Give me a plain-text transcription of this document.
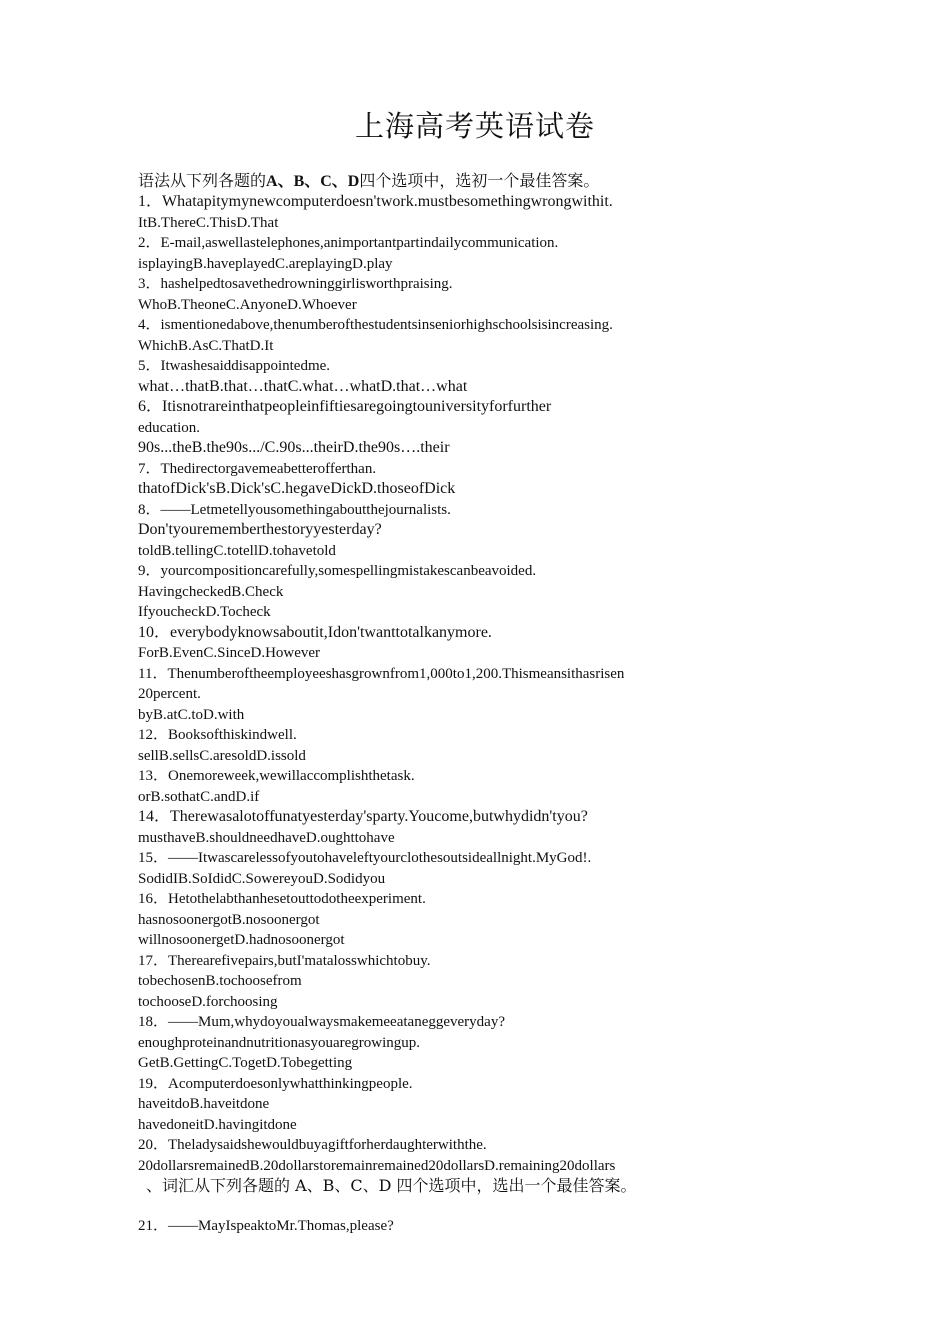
上海高考英语试卷
语法从下列各题的A、B、C、D四个选项中，选初一个最佳答案。
1．Whatapitymynewcomputerdoesn'twork.mustbesomethingwrongwithit.
ItB.ThereC.ThisD.That
2．E-mail,aswellastelephones,animportantpartindailycommunication.
isplayingB.haveplayedC.areplayingD.play
3．hashelpedtosavethedrowninggirlisworthpraising.
WhoB.TheoneC.AnyoneD.Whoever
4．ismentionedabove,thenumberofthestudentsinseniorhighschoolsisincreasing.
WhichB.AsC.ThatD.It
5．Itwashesaiddisappointedme.
what…thatB.that…thatC.what…whatD.that…what
6．Itisnotrareinthatpeopleinfiftiesaregoingtouniversityforfurther
education.
90s...theB.the90s.../C.90s...theirD.the90s….their
7．Thedirectorgavemeabetterofferthan.
thatofDick'sB.Dick'sC.hegaveDickD.thoseofDick
8．——Letmetellyousomethingaboutthejournalists.
Don'tyourememberthestoryyesterday?
toldB.tellingC.totellD.tohavetold
9．yourcompositioncarefully,somespellingmistakescanbeavoided.
HavingcheckedB.Check
IfyoucheckD.Tocheck
10．everybodyknowsaboutit,Idon'twanttotalkanymore.
ForB.EvenC.SinceD.However
11．Thenumberoftheemployeeshasgrownfrom1,000to1,200.Thismeansithasrisen
20percent.
byB.atC.toD.with
12．Booksofthiskindwell.
sellB.sellsC.aresoldD.issold
13．Onemoreweek,wewillaccomplishthetask.
orB.sothatC.andD.if
14．Therewasalotoffunatyesterday'sparty.Youcome,butwhydidn'tyou?
musthaveB.shouldneedhaveD.oughttohave
15．——Itwascarelessofyoutohaveleftyourclothesoutsideallnight.MyGod!.
SodidIB.SoIdidC.SowereyouD.Sodidyou
16．Hetothelabthanhesetouttodotheexperiment.
hasnosoonergotB.nosoonergot
willnosoonergetD.hadnosoonergot
17．Therearefivepairs,butI'matalosswhichtobuy.
tobechosenB.tochoosefrom
tochooseD.forchoosing
18．——Mum,whydoyoualwaysmakemeeataneggeveryday?
enoughproteinandnutritionasyouaregrowingup.
GetB.GettingC.TogetD.Tobegetting
19．Acomputerdoesonlywhatthinkingpeople.
haveitdoB.haveitdone
havedoneitD.havingitdone
20．Theladysaidshewouldbuyagiftforherdaughterwiththe.
20dollarsremainedB.20dollarstoremainremained20dollarsD.remaining20dollars
、词汇从下列各题的 A、B、C、D 四个选项中，选出一个最佳答案。
21．——MayIspeaktoMr.Thomas,please?
